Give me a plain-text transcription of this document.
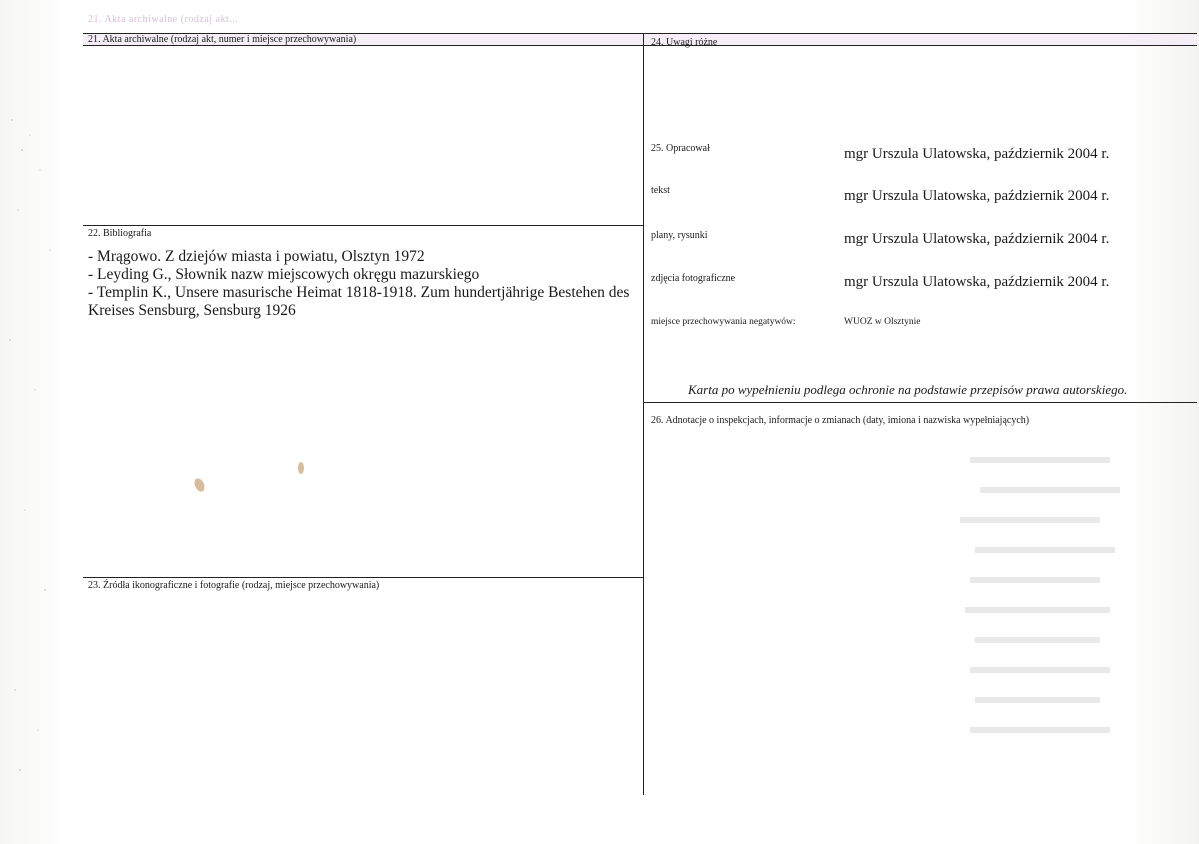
21. Akta archiwalne (rodzaj akt...
21. Akta archiwalne (rodzaj akt, numer i miejsce przechowywania)
22. Bibliografia
23. Źródła ikonograficzne i fotografie (rodzaj, miejsce przechowywania)
- Mrągowo. Z dziejów miasta i powiatu, Olsztyn 1972
- Leyding G., Słownik nazw miejscowych okręgu mazurskiego
- Templin K., Unsere masurische Heimat 1818-1918. Zum hundertjährige Bestehen des Kreises Sensburg, Sensburg 1926
24. Uwagi różne
25. Opracował	mgr Urszula Ulatowska, październik 2004 r.
tekst	mgr Urszula Ulatowska, październik 2004 r.
plany, rysunki	mgr Urszula Ulatowska, październik 2004 r.
zdjęcia fotograficzne	mgr Urszula Ulatowska, październik 2004 r.
miejsce przechowywania negatywów:	WUOZ w Olsztynie
Karta po wypełnieniu podlega ochronie na podstawie przepisów prawa autorskiego.
26. Adnotacje o inspekcjach, informacje o zmianach (daty, imiona i nazwiska wypełniających)
